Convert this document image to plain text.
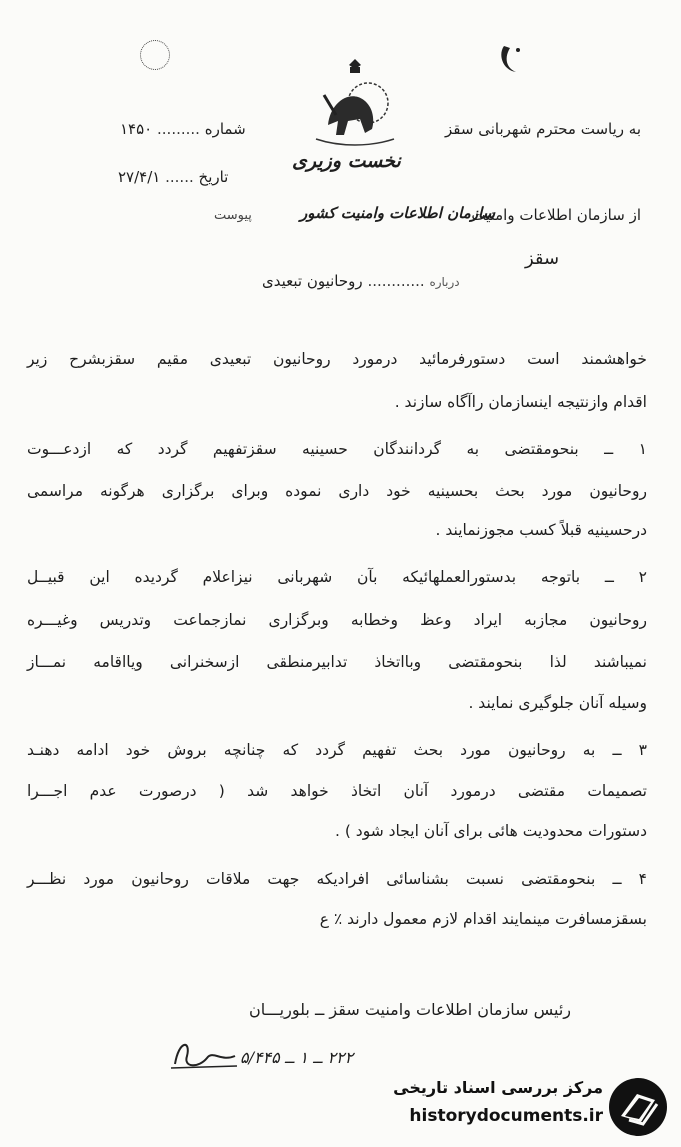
به ریاست محترم شهربانی سقز
شماره ......... ۱۴۵۰
نخست وزیری
تاریخ ...... ۲۷/۴/۱
از سازمان اطلاعات وامنیت
سازمان اطلاعات وامنیت کشور
پیوست
سقز
درباره ............ روحانیون تبعیدی
خواهشمند است دستورفرمائید درمورد روحانیون تبعیدی مقیم سقزبشرح زیر
اقدام وازنتیجه اینسازمان راآگاه سازند .
۱ ــ بنحومقتضی به گردانندگان حسینیه سقزتفهیم گردد که ازدعـــوت
روحانیون مورد بحث بحسینیه خود داری نموده وبرای برگزاری هرگونه مراسمی
درحسینیه قبلاً کسب مجوزنمایند .
۲ ــ باتوجه بدستورالعملهائیکه بآن شهربانی نیزاعلام گردیده این قبیــل
روحانیون مجازبه ایراد وعظ وخطابه وبرگزاری نمازجماعت وتدریس وغیـــره
نمیباشند لذا بنحومقتضی وبااتخاذ تدابیرمنطقی ازسخنرانی ویااقامه نمـــاز
وسیله آنان جلوگیری نمایند .
۳ ــ به روحانیون مورد بحث تفهیم گردد که چنانچه بروش خود ادامه دهنـد
تصمیمات مقتضی درمورد آنان اتخاذ خواهد شد ( درصورت عدم اجـــرا
دستورات محدودیت هائی برای آنان ایجاد شود ) .
۴ ــ بنحومقتضی نسبت بشناسائی افرادیکه جهت ملاقات روحانیون مورد نظـــر
بسقزمسافرت مینمایند اقدام لازم معمول دارند ٪ ع
رئیس سازمان اطلاعات وامنیت سقز ــ بلوریـــان
۲۲۲ ــ ۱ ــ ۵/۴۴۵
مرکز بررسی اسناد تاریخی
historydocuments.ir
